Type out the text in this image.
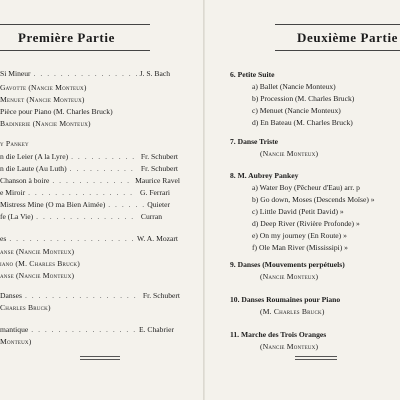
Première Partie
Si Mineur . . .	J. S. Bach
Gavotte (Nancie Monteux)
Menuet (Nancie Monteux)
Pièce pour Piano (M. Charles Bruck)
Badinerie (Nancie Monteux)
y Pankey
n die Leier (A la Lyre) . . .	Fr. Schubert
n die Laute (Au Luth) . . .	Fr. Schubert
Chanson à boire . . .	Maurice Ravel
e Miroir . . .	G. Ferrari
Mistress Mine (O ma Bien Aimée) . . .	Quieter
fe (La Vie) . . .	Curran
es . . .	W. A. Mozart
anse (Nancie Monteux)
iano (M. Charles Bruck)
anse (Nancie Monteux)
Danses . . .	Fr. Schubert
Charles Bruck)
mantique . . .	E. Chabrier
Monteux)
Deuxième Partie
6. Petite Suite
a) Ballet (Nancie Monteux)
b) Procession (M. Charles Bruck)
c) Menuet (Nancie Monteux)
d) En Bateau (M. Charles Bruck)
7. Danse Triste
(Nancie Monteux)
8. M. Aubrey Pankey
a) Water Boy (Pêcheur d'Eau) arr. p
b) Go down, Moses (Descends Moïse) »
c) Little David (Petit David) »
d) Deep River (Rivière Profonde) »
e) On my journey (En Route) »
f) Ole Man River (Mississipi) »
9. Danses (Mouvements perpétuels)
(Nancie Monteux)
10. Danses Roumaines pour Piano
(M. Charles Bruck)
11. Marche des Trois Oranges
(Nancie Monteux)
